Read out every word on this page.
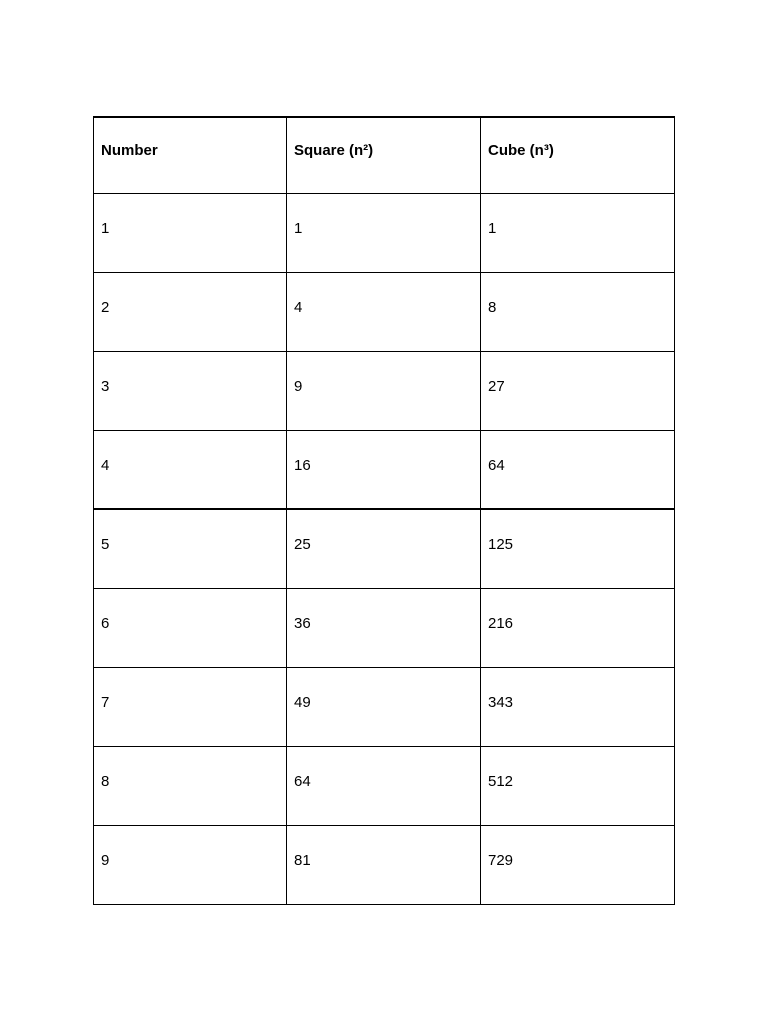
Number	Square (n²)	Cube (n³)
1	1	1
2	4	8
3	9	27
4	16	64
5	25	125
6	36	216
7	49	343
8	64	512
9	81	729
